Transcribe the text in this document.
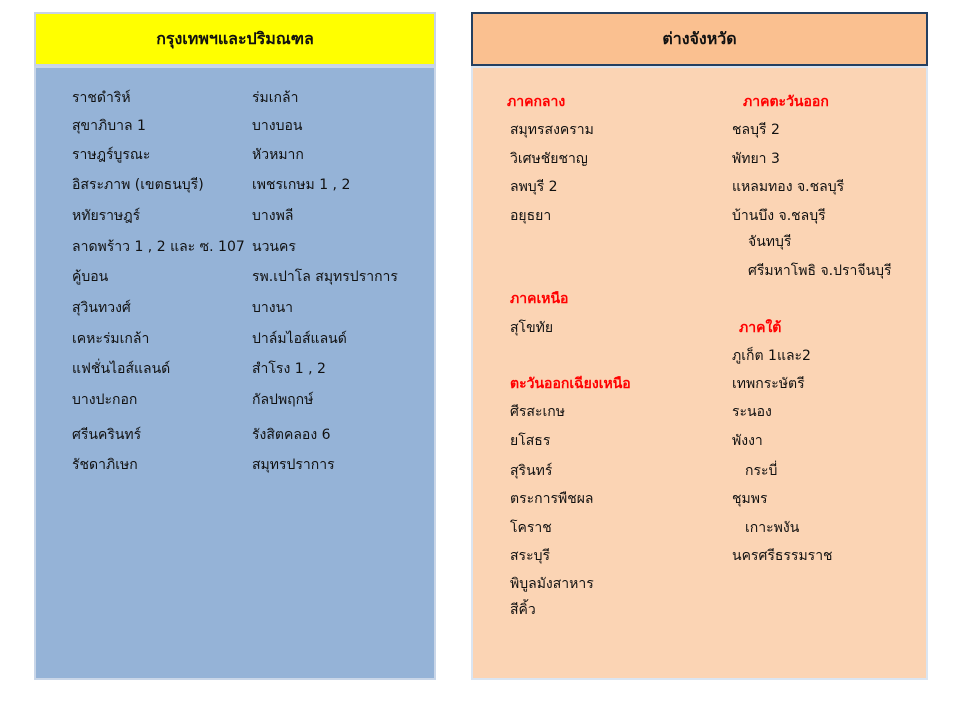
กรุงเทพฯและปริมณฑล
ราชดำริห์
สุขาภิบาล 1
ราษฎร์บูรณะ
อิสระภาพ (เขตธนบุรี)
หทัยราษฎร์
ลาดพร้าว 1 , 2 และ ซ. 107
คู้บอน
สุวินทวงศ์
เคหะร่มเกล้า
แฟชั่นไอส์แลนด์
บางปะกอก
ศรีนครินทร์
รัชดาภิเษก
ร่มเกล้า
บางบอน
หัวหมาก
เพชรเกษม 1 , 2
บางพลี
นวนคร
รพ.เปาโล สมุทรปราการ
บางนา
ปาล์มไอส์แลนด์
สำโรง 1 , 2
กัลปพฤกษ์
รังสิตคลอง 6
สมุทรปราการ
ต่างจังหวัด
ภาคกลาง
สมุทรสงคราม
วิเศษชัยชาญ
ลพบุรี 2
อยุธยา
ภาคเหนือ
สุโขทัย
ตะวันออกเฉียงเหนือ
ศีรสะเกษ
ยโสธร
สุรินทร์
ตระการพืชผล
โคราช
สระบุรี
พิบูลมังสาหาร
สีคิ้ว
ภาคตะวันออก
ชลบุรี 2
พัทยา 3
แหลมทอง จ.ชลบุรี
บ้านบึง จ.ชลบุรี
จันทบุรี
ศรีมหาโพธิ จ.ปราจีนบุรี
ภาคใต้
ภูเก็ต 1และ2
เทพกระษัตรี
ระนอง
พังงา
กระบี่
ชุมพร
เกาะพงัน
นครศรีธรรมราช
